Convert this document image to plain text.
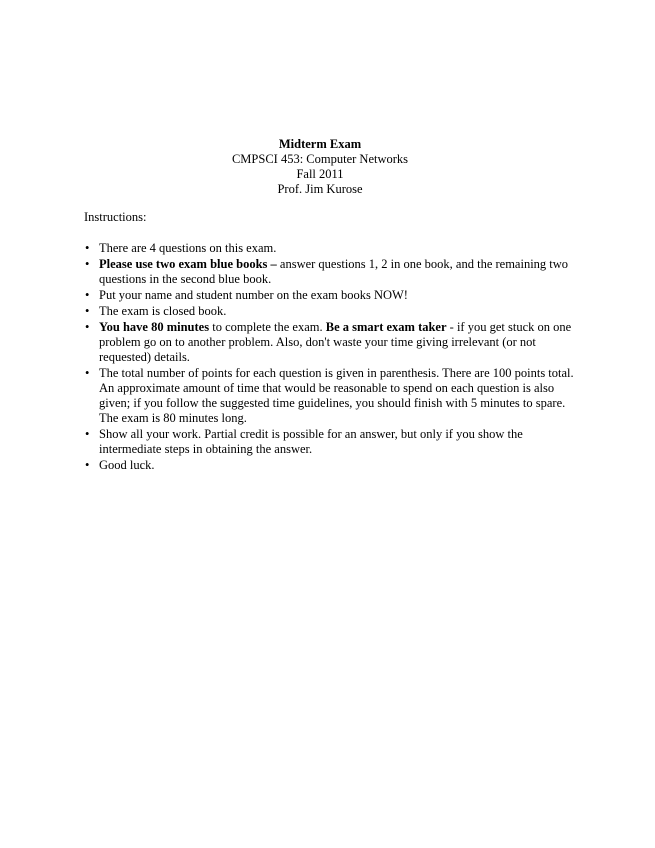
Midterm Exam
CMPSCI 453: Computer Networks
Fall 2011
Prof. Jim Kurose
Instructions:
• There are 4 questions on this exam.
• Please use two exam blue books – answer questions 1, 2 in one book, and the remaining two questions in the second blue book.
• Put your name and student number on the exam books NOW!
• The exam is closed book.
• You have 80 minutes to complete the exam. Be a smart exam taker - if you get stuck on one problem go on to another problem. Also, don't waste your time giving irrelevant (or not requested) details.
• The total number of points for each question is given in parenthesis. There are 100 points total. An approximate amount of time that would be reasonable to spend on each question is also given; if you follow the suggested time guidelines, you should finish with 5 minutes to spare. The exam is 80 minutes long.
• Show all your work. Partial credit is possible for an answer, but only if you show the intermediate steps in obtaining the answer.
• Good luck.
